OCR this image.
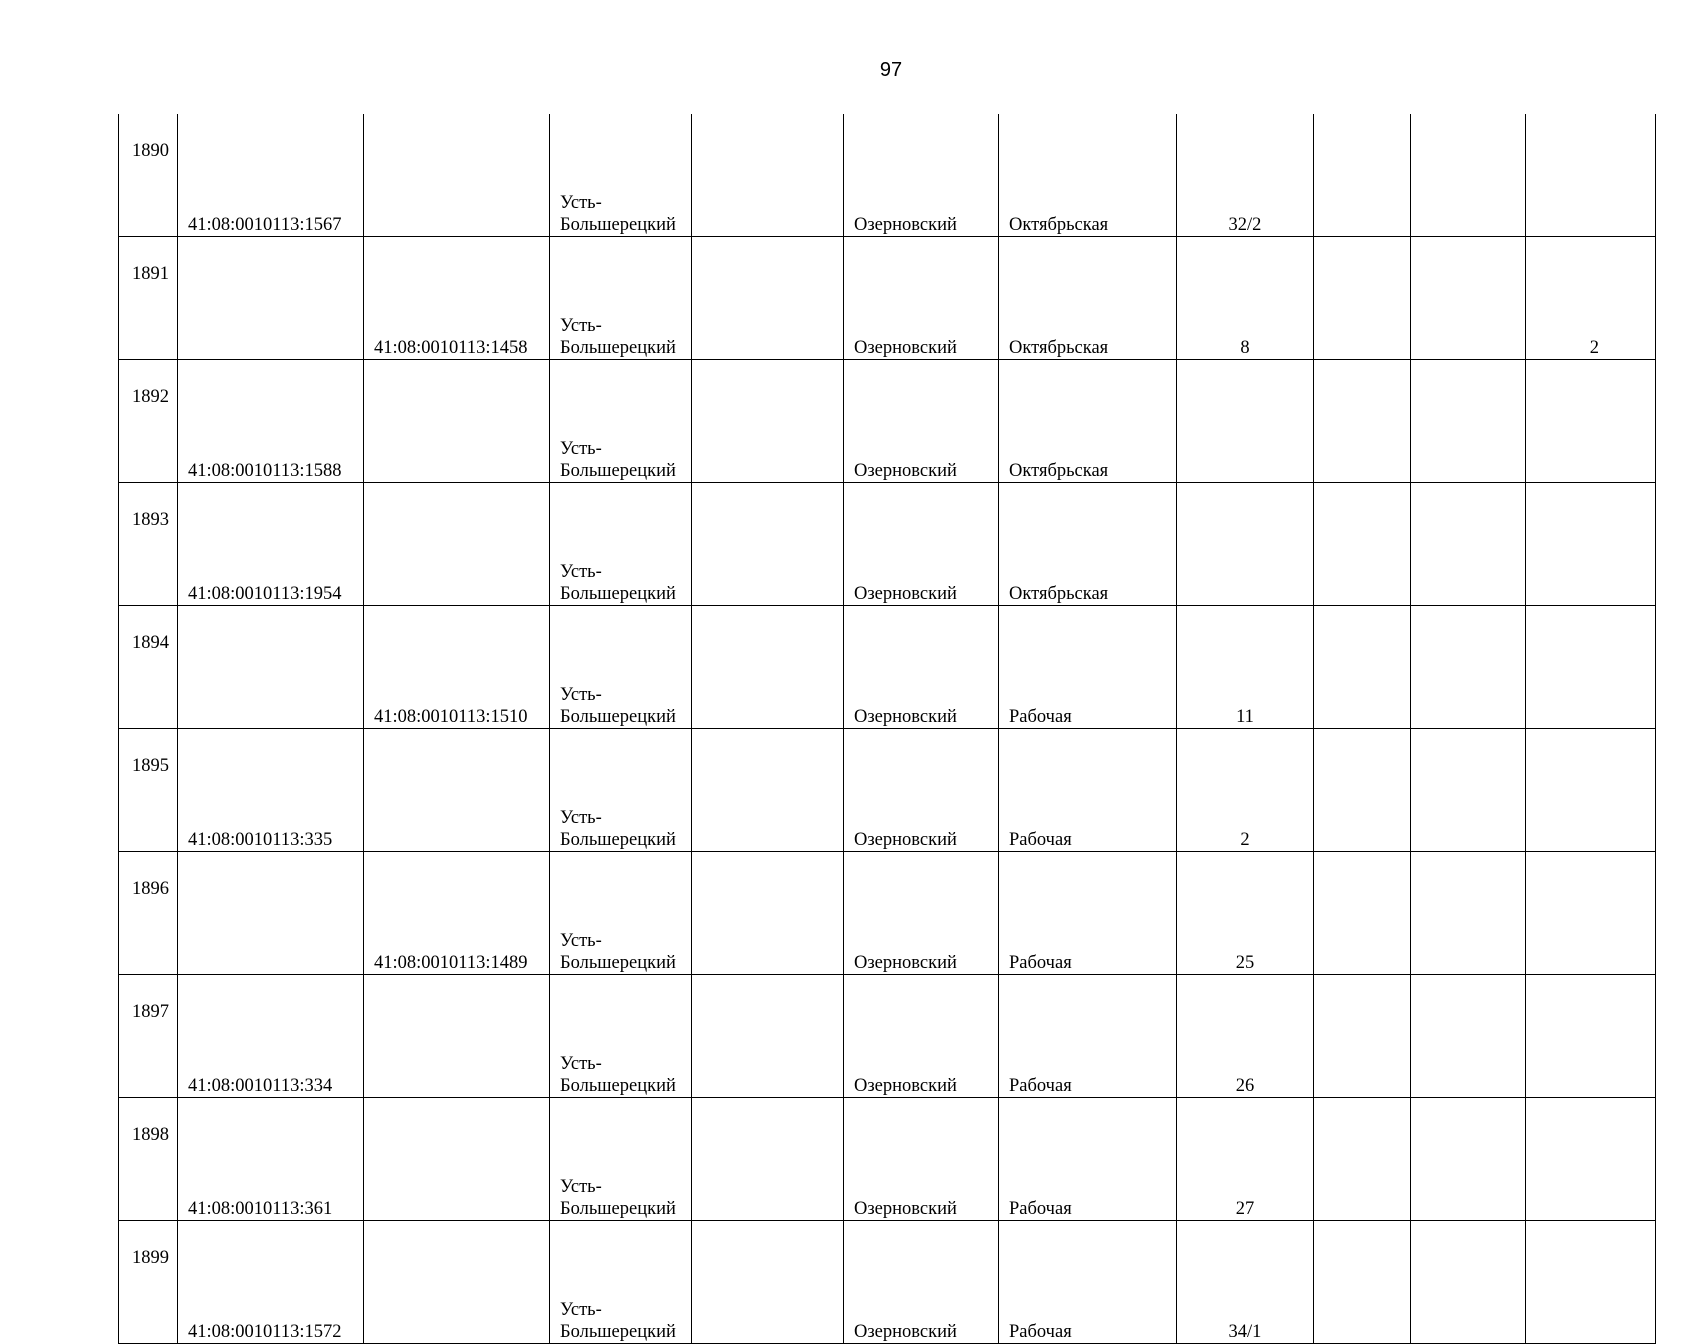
97
1890	41:08:0010113:1567		Усть-Большерецкий		Озерновский	Октябрьская	32/2			
1891		41:08:0010113:1458	Усть-Большерецкий		Озерновский	Октябрьская	8			2
1892	41:08:0010113:1588		Усть-Большерецкий		Озерновский	Октябрьская				
1893	41:08:0010113:1954		Усть-Большерецкий		Озерновский	Октябрьская				
1894		41:08:0010113:1510	Усть-Большерецкий		Озерновский	Рабочая	11			
1895	41:08:0010113:335		Усть-Большерецкий		Озерновский	Рабочая	2			
1896		41:08:0010113:1489	Усть-Большерецкий		Озерновский	Рабочая	25			
1897	41:08:0010113:334		Усть-Большерецкий		Озерновский	Рабочая	26			
1898	41:08:0010113:361		Усть-Большерецкий		Озерновский	Рабочая	27			
1899	41:08:0010113:1572		Усть-Большерецкий		Озерновский	Рабочая	34/1			
